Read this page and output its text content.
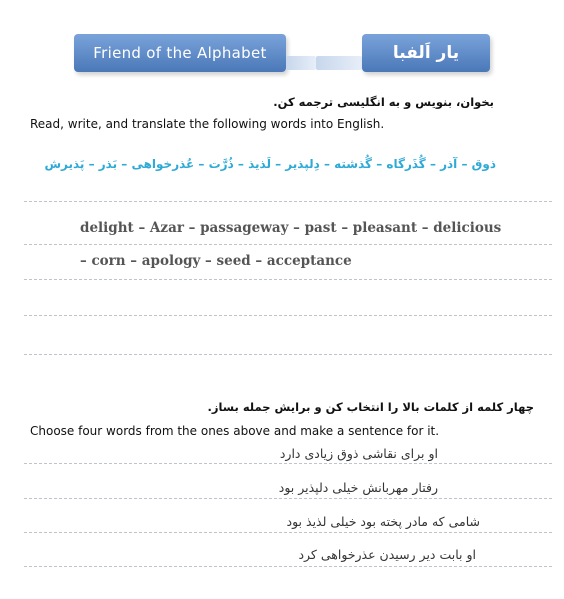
Friend of the Alphabet	یار اَلفبا
بخوان، بنویس و به انگلیسی ترجمه کن.
Read, write, and translate the following words into English.
ذوق – آذر – گُذَرگاه – گُذشته – دِلپذیر – لَذیذ – ذُرَّت – عُذرخواهی – بَذر – پَذیرش
delight – Azar – passageway – past – pleasant – delicious
– corn – apology – seed – acceptance
چهار کلمه از کلمات بالا را انتخاب کن و برایش جمله بساز.
Choose four words from the ones above and make a sentence for it.
او برای نقاشی ذوق زیادی دارد
رفتار مهربانش خیلی دلپذیر بود
شامی که مادر پخته بود خیلی لذیذ بود
او بابت دیر رسیدن عذرخواهی کرد
